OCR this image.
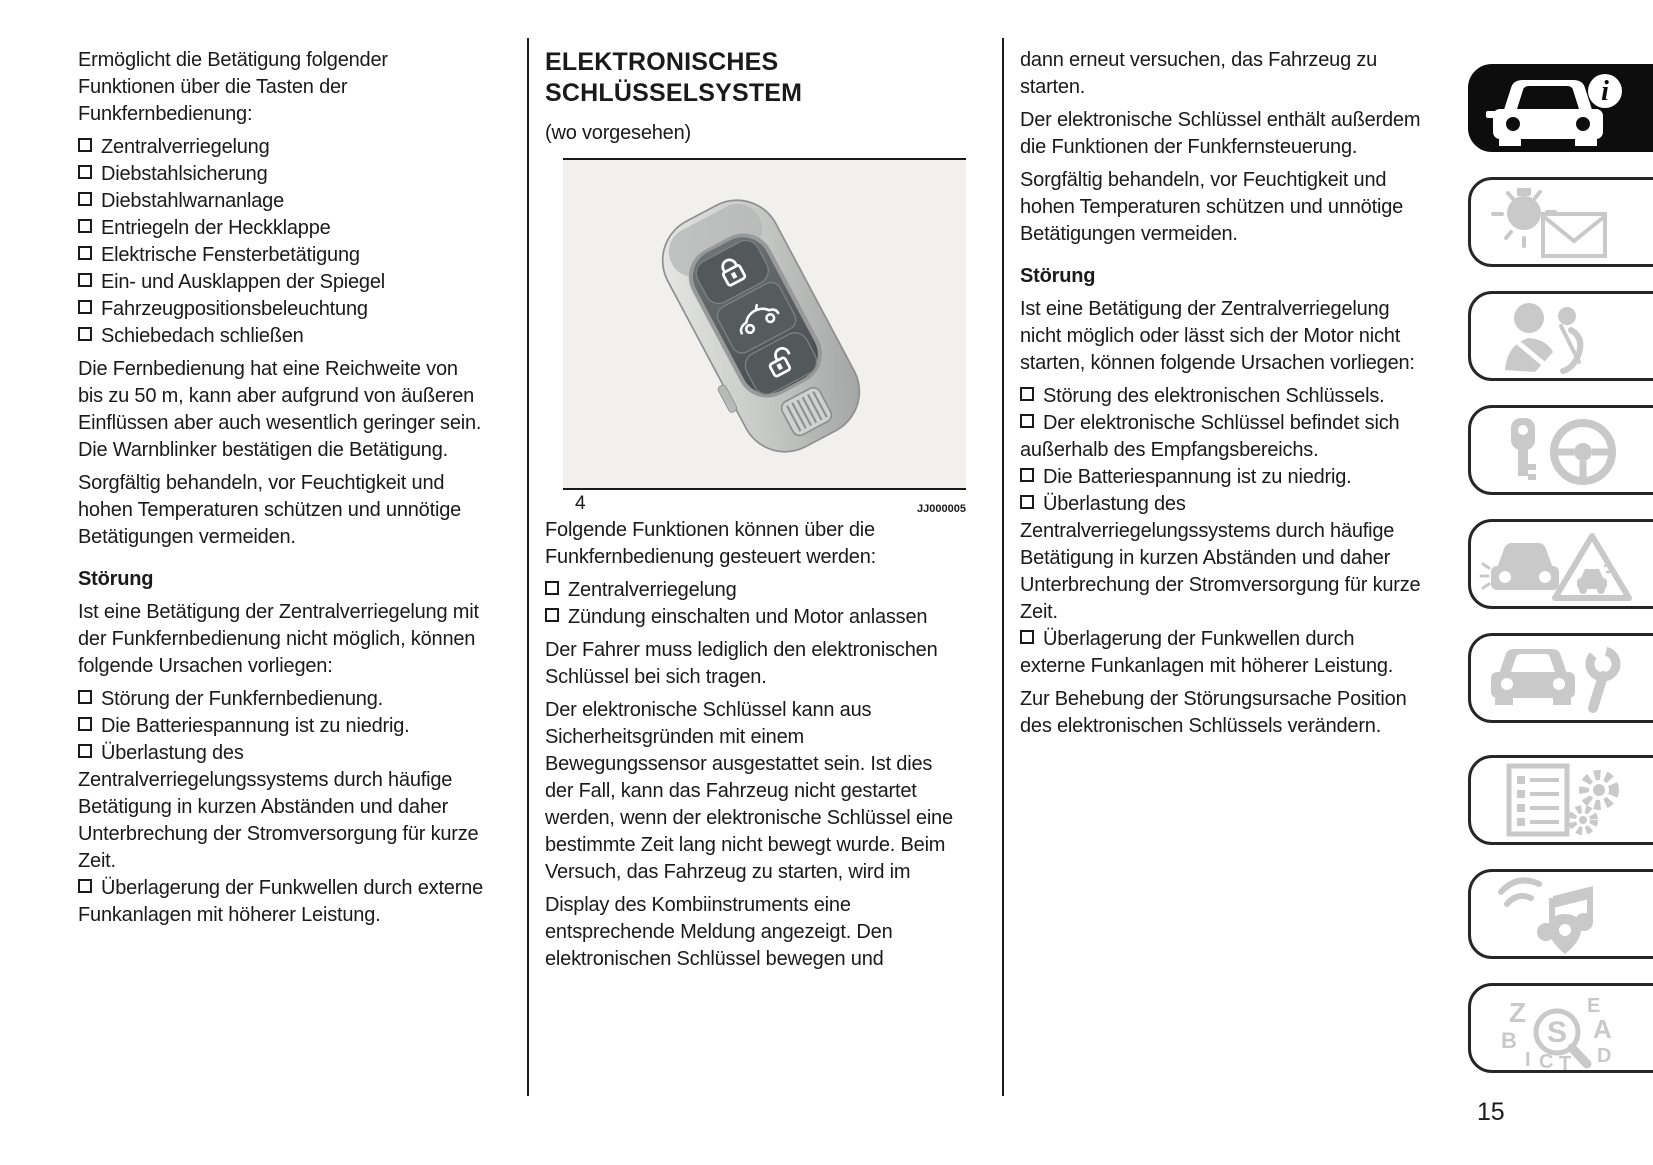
Ermöglicht die Betätigung folgender Funktionen über die Tasten der Funkfernbedienung:
Zentralverriegelung
Diebstahlsicherung
Diebstahlwarnanlage
Entriegeln der Heckklappe
Elektrische Fensterbetätigung
Ein- und Ausklappen der Spiegel
Fahrzeugpositionsbeleuchtung
Schiebedach schließen
Die Fernbedienung hat eine Reichweite von bis zu 50 m, kann aber aufgrund von äußeren Einflüssen aber auch wesentlich geringer sein. Die Warnblinker bestätigen die Betätigung.
Sorgfältig behandeln, vor Feuchtigkeit und hohen Temperaturen schützen und unnötige Betätigungen vermeiden.
Störung
Ist eine Betätigung der Zentralverriegelung mit der Funkfernbedienung nicht möglich, können folgende Ursachen vorliegen:
Störung der Funkfernbedienung.
Die Batteriespannung ist zu niedrig.
Überlastung des Zentralverriegelungssystems durch häufige Betätigung in kurzen Abständen und daher Unterbrechung der Stromversorgung für kurze Zeit.
Überlagerung der Funkwellen durch externe Funkanlagen mit höherer Leistung.
ELEKTRONISCHES SCHLÜSSELSYSTEM

(wo vorgesehen)

4	JJ000005
Folgende Funktionen können über die Funkfernbedienung gesteuert werden:
Zentralverriegelung
Zündung einschalten und Motor anlassen
Der Fahrer muss lediglich den elektronischen Schlüssel bei sich tragen.
Der elektronische Schlüssel kann aus Sicherheitsgründen mit einem Bewegungssensor ausgestattet sein. Ist dies der Fall, kann das Fahrzeug nicht gestartet werden, wenn der elektronische Schlüssel eine bestimmte Zeit lang nicht bewegt wurde. Beim Versuch, das Fahrzeug zu starten, wird im
Display des Kombiinstruments eine entsprechende Meldung angezeigt. Den elektronischen Schlüssel bewegen und
dann erneut versuchen, das Fahrzeug zu starten.
Der elektronische Schlüssel enthält außerdem die Funktionen der Funkfernsteuerung.
Sorgfältig behandeln, vor Feuchtigkeit und hohen Temperaturen schützen und unnötige Betätigungen vermeiden.
Störung
Ist eine Betätigung der Zentralverriegelung nicht möglich oder lässt sich der Motor nicht starten, können folgende Ursachen vorliegen:
Störung des elektronischen Schlüssels.
Der elektronische Schlüssel befindet sich außerhalb des Empfangsbereichs.
Die Batteriespannung ist zu niedrig.
Überlastung des Zentralverriegelungssystems durch häufige Betätigung in kurzen Abständen und daher Unterbrechung der Stromversorgung für kurze Zeit.
Überlagerung der Funkwellen durch externe Funkanlagen mit höherer Leistung.
Zur Behebung der Störungsursache Position des elektronischen Schlüssels verändern.
i
Z
B
E
A
D
I C T
S
15
